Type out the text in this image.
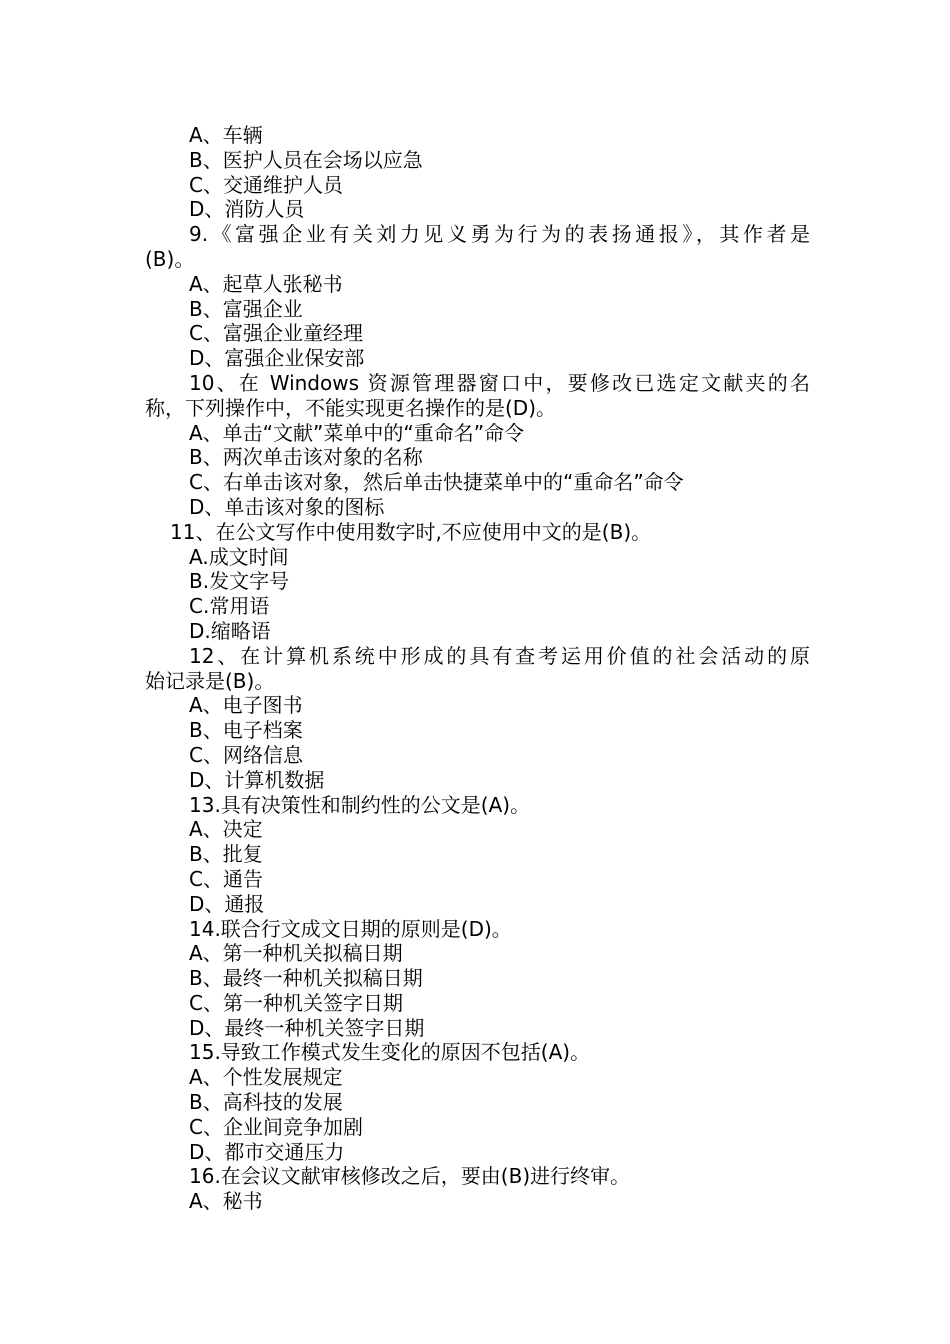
A、车辆
B、医护人员在会场以应急
C、交通维护人员
D、消防人员
9.《富强企业有关刘力见义勇为行为的表扬通报》，其作者是
(B)。
A、起草人张秘书
B、富强企业
C、富强企业童经理
D、富强企业保安部
10、在 Windows 资源管理器窗口中，要修改已选定文献夹的名
称，下列操作中，不能实现更名操作的是(D)。
A、单击“文献”菜单中的“重命名”命令
B、两次单击该对象的名称
C、右单击该对象，然后单击快捷菜单中的“重命名”命令
D、单击该对象的图标
11、在公文写作中使用数字时,不应使用中文的是(B)。
A.成文时间
B.发文字号
C.常用语
D.缩略语
12、在计算机系统中形成的具有查考运用价值的社会活动的原
始记录是(B)。
A、电子图书
B、电子档案
C、网络信息
D、计算机数据
13.具有决策性和制约性的公文是(A)。
A、决定
B、批复
C、通告
D、通报
14.联合行文成文日期的原则是(D)。
A、第一种机关拟稿日期
B、最终一种机关拟稿日期
C、第一种机关签字日期
D、最终一种机关签字日期
15.导致工作模式发生变化的原因不包括(A)。
A、个性发展规定
B、高科技的发展
C、企业间竞争加剧
D、都市交通压力
16.在会议文献审核修改之后，要由(B)进行终审。
A、秘书
